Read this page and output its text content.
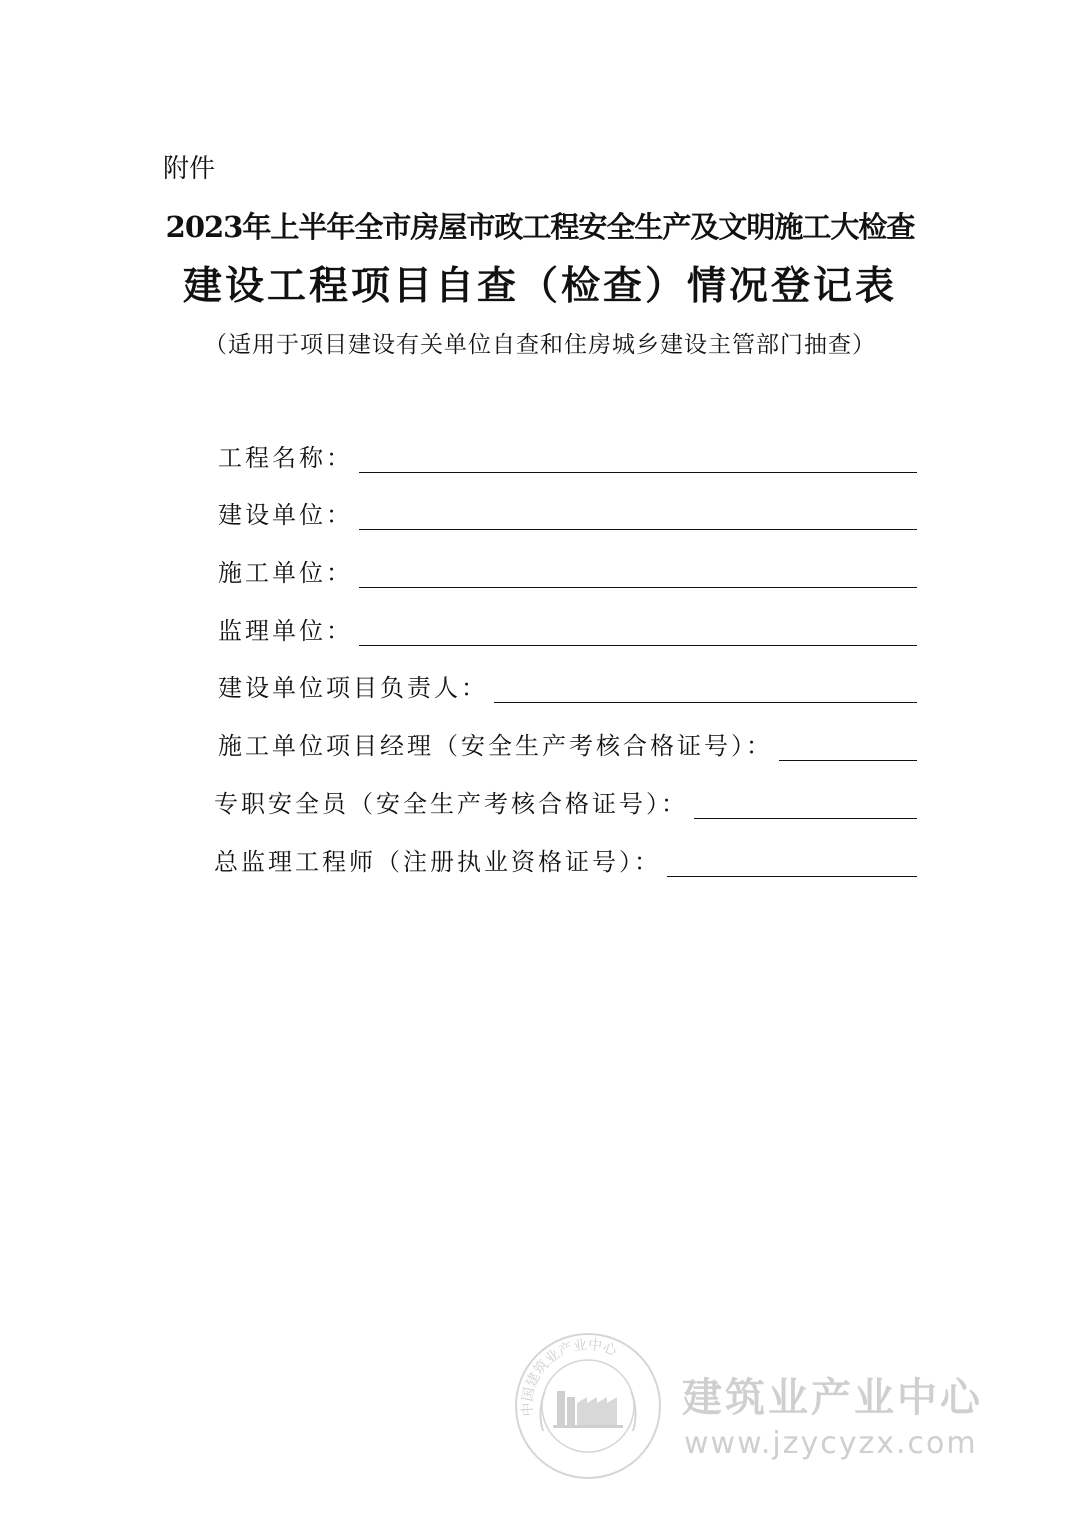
附件
2023年上半年全市房屋市政工程安全生产及文明施工大检查
建设工程项目自查（检查）情况登记表
（适用于项目建设有关单位自查和住房城乡建设主管部门抽查）
工程名称：
建设单位：
施工单位：
监理单位：
建设单位项目负责人：
施工单位项目经理（安全生产考核合格证号）：
专职安全员（安全生产考核合格证号）：
总监理工程师（注册执业资格证号）：
中国建筑业产业中心
建筑业产业中心
www.jzycyzx.com
